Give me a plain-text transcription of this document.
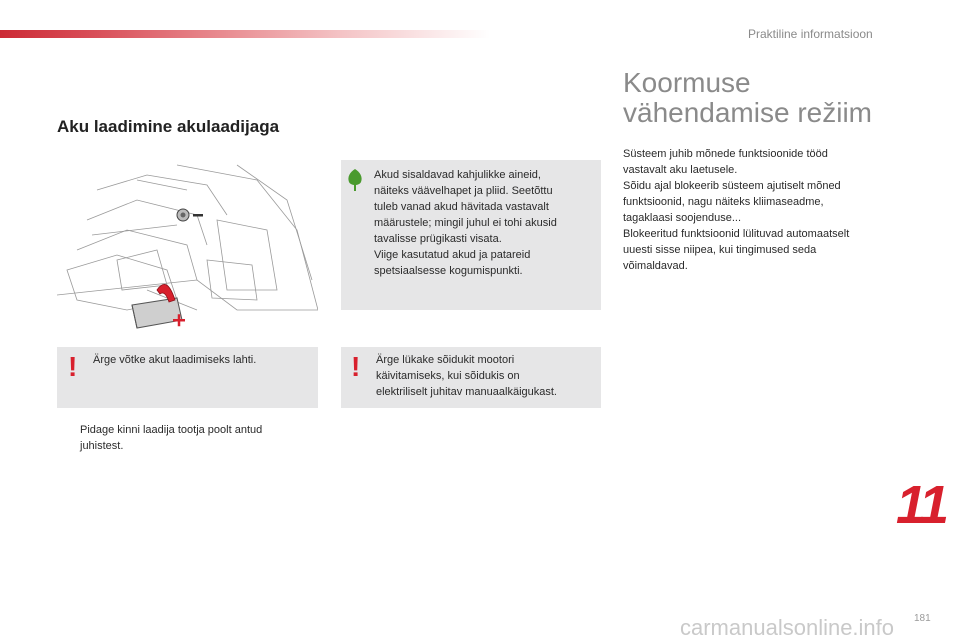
Praktiline informatsioon
Aku laadimine akulaadijaga
Akud sisaldavad kahjulikke aineid,
näiteks väävelhapet ja pliid. Seetõttu
tuleb vanad akud hävitada vastavalt
määrustele; mingil juhul ei tohi akusid
tavalisse prügikasti visata.
Viige kasutatud akud ja patareid
spetsiaalsesse kogumispunkti.
! Ärge võtke akut laadimiseks lahti.	! Ärge lükake sõidukit mootori
käivitamiseks, kui sõidukis on
elektriliselt juhitav manuaalkäigukast.
Pidage kinni laadija tootja poolt antud
juhistest.
Koormuse
vähendamise režiim
Süsteem juhib mõnede funktsioonide tööd
vastavalt aku laetusele.
Sõidu ajal blokeerib süsteem ajutiselt mõned
funktsioonid, nagu näiteks kliimaseadme,
tagaklaasi soojenduse...
Blokeeritud funktsioonid lülituvad automaatselt
uuesti sisse niipea, kui tingimused seda
võimaldavad.
11
carmanualsonline.info 181
